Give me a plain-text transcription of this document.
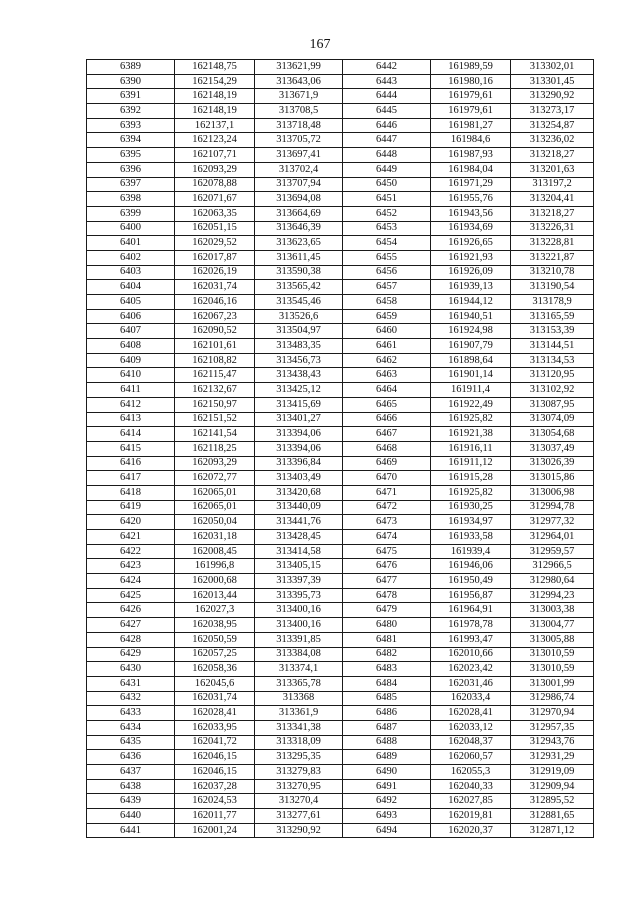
167
6389	162148,75	313621,99	6442	161989,59	313302,01
6390	162154,29	313643,06	6443	161980,16	313301,45
6391	162148,19	313671,9	6444	161979,61	313290,92
6392	162148,19	313708,5	6445	161979,61	313273,17
6393	162137,1	313718,48	6446	161981,27	313254,87
6394	162123,24	313705,72	6447	161984,6	313236,02
6395	162107,71	313697,41	6448	161987,93	313218,27
6396	162093,29	313702,4	6449	161984,04	313201,63
6397	162078,88	313707,94	6450	161971,29	313197,2
6398	162071,67	313694,08	6451	161955,76	313204,41
6399	162063,35	313664,69	6452	161943,56	313218,27
6400	162051,15	313646,39	6453	161934,69	313226,31
6401	162029,52	313623,65	6454	161926,65	313228,81
6402	162017,87	313611,45	6455	161921,93	313221,87
6403	162026,19	313590,38	6456	161926,09	313210,78
6404	162031,74	313565,42	6457	161939,13	313190,54
6405	162046,16	313545,46	6458	161944,12	313178,9
6406	162067,23	313526,6	6459	161940,51	313165,59
6407	162090,52	313504,97	6460	161924,98	313153,39
6408	162101,61	313483,35	6461	161907,79	313144,51
6409	162108,82	313456,73	6462	161898,64	313134,53
6410	162115,47	313438,43	6463	161901,14	313120,95
6411	162132,67	313425,12	6464	161911,4	313102,92
6412	162150,97	313415,69	6465	161922,49	313087,95
6413	162151,52	313401,27	6466	161925,82	313074,09
6414	162141,54	313394,06	6467	161921,38	313054,68
6415	162118,25	313394,06	6468	161916,11	313037,49
6416	162093,29	313396,84	6469	161911,12	313026,39
6417	162072,77	313403,49	6470	161915,28	313015,86
6418	162065,01	313420,68	6471	161925,82	313006,98
6419	162065,01	313440,09	6472	161930,25	312994,78
6420	162050,04	313441,76	6473	161934,97	312977,32
6421	162031,18	313428,45	6474	161933,58	312964,01
6422	162008,45	313414,58	6475	161939,4	312959,57
6423	161996,8	313405,15	6476	161946,06	312966,5
6424	162000,68	313397,39	6477	161950,49	312980,64
6425	162013,44	313395,73	6478	161956,87	312994,23
6426	162027,3	313400,16	6479	161964,91	313003,38
6427	162038,95	313400,16	6480	161978,78	313004,77
6428	162050,59	313391,85	6481	161993,47	313005,88
6429	162057,25	313384,08	6482	162010,66	313010,59
6430	162058,36	313374,1	6483	162023,42	313010,59
6431	162045,6	313365,78	6484	162031,46	313001,99
6432	162031,74	313368	6485	162033,4	312986,74
6433	162028,41	313361,9	6486	162028,41	312970,94
6434	162033,95	313341,38	6487	162033,12	312957,35
6435	162041,72	313318,09	6488	162048,37	312943,76
6436	162046,15	313295,35	6489	162060,57	312931,29
6437	162046,15	313279,83	6490	162055,3	312919,09
6438	162037,28	313270,95	6491	162040,33	312909,94
6439	162024,53	313270,4	6492	162027,85	312895,52
6440	162011,77	313277,61	6493	162019,81	312881,65
6441	162001,24	313290,92	6494	162020,37	312871,12
